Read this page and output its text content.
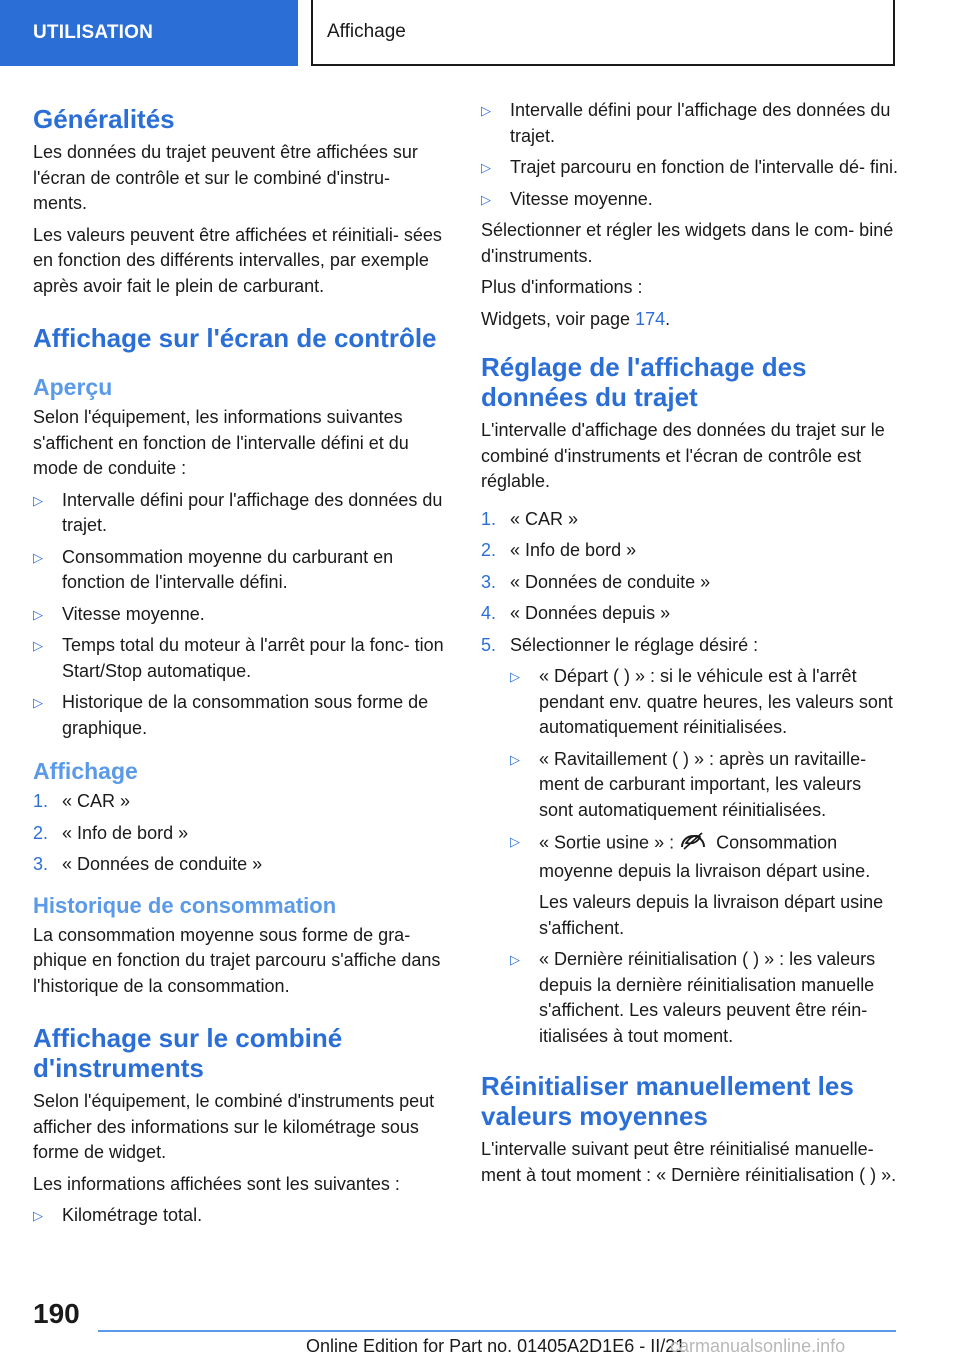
UTILISATION	Affichage
Généralités

Les données du trajet peuvent être affichées sur l'écran de contrôle et sur le combiné d'instru- ments.

Les valeurs peuvent être affichées et réinitiali- sées en fonction des différents intervalles, par exemple après avoir fait le plein de carburant.

Affichage sur l'écran de contrôle
Aperçu

Selon l'équipement, les informations suivantes s'affichent en fonction de l'intervalle défini et du mode de conduite :

▷ Intervalle défini pour l'affichage des données du trajet.
▷ Consommation moyenne du carburant en fonction de l'intervalle défini.
▷ Vitesse moyenne.
▷ Temps total du moteur à l'arrêt pour la fonc- tion Start/Stop automatique.
▷ Historique de la consommation sous forme de graphique.
Affichage
1. « CAR »
2. « Info de bord »
3. « Données de conduite »
Historique de consommation

La consommation moyenne sous forme de gra- phique en fonction du trajet parcouru s'affiche dans l'historique de la consommation.

Affichage sur le combiné d'instruments

Selon l'équipement, le combiné d'instruments peut afficher des informations sur le kilométrage sous forme de widget.

Les informations affichées sont les suivantes :

▷ Kilométrage total.
▷ Intervalle défini pour l'affichage des données du trajet.
▷ Trajet parcouru en fonction de l'intervalle dé- fini.
▷ Vitesse moyenne.

Sélectionner et régler les widgets dans le com- biné d'instruments.

Plus d'informations :

Widgets, voir page 174.

Réglage de l'affichage des données du trajet

L'intervalle d'affichage des données du trajet sur le combiné d'instruments et l'écran de contrôle est réglable.

1. « CAR »
2. « Info de bord »
3. « Données de conduite »
4. « Données depuis »
5. Sélectionner le réglage désiré :
▷ « Départ ( ) » : si le véhicule est à l'arrêt pendant env. quatre heures, les valeurs sont automatiquement réinitialisées.
▷ « Ravitaillement ( ) » : après un ravitaille- ment de carburant important, les valeurs sont automatiquement réinitialisées.
▷ « Sortie usine » : Consommation moyenne depuis la livraison départ usine.

Les valeurs depuis la livraison départ usine s'affichent.

▷ « Dernière réinitialisation ( ) » : les valeurs depuis la dernière réinitialisation manuelle s'affichent. Les valeurs peuvent être réin- itialisées à tout moment.
Réinitialiser manuellement les valeurs moyennes

L'intervalle suivant peut être réinitialisé manuelle- ment à tout moment : « Dernière réinitialisation ( ) ».

190
Online Edition for Part no. 01405A2D1E6 - II/21
carmanualsonline.info
